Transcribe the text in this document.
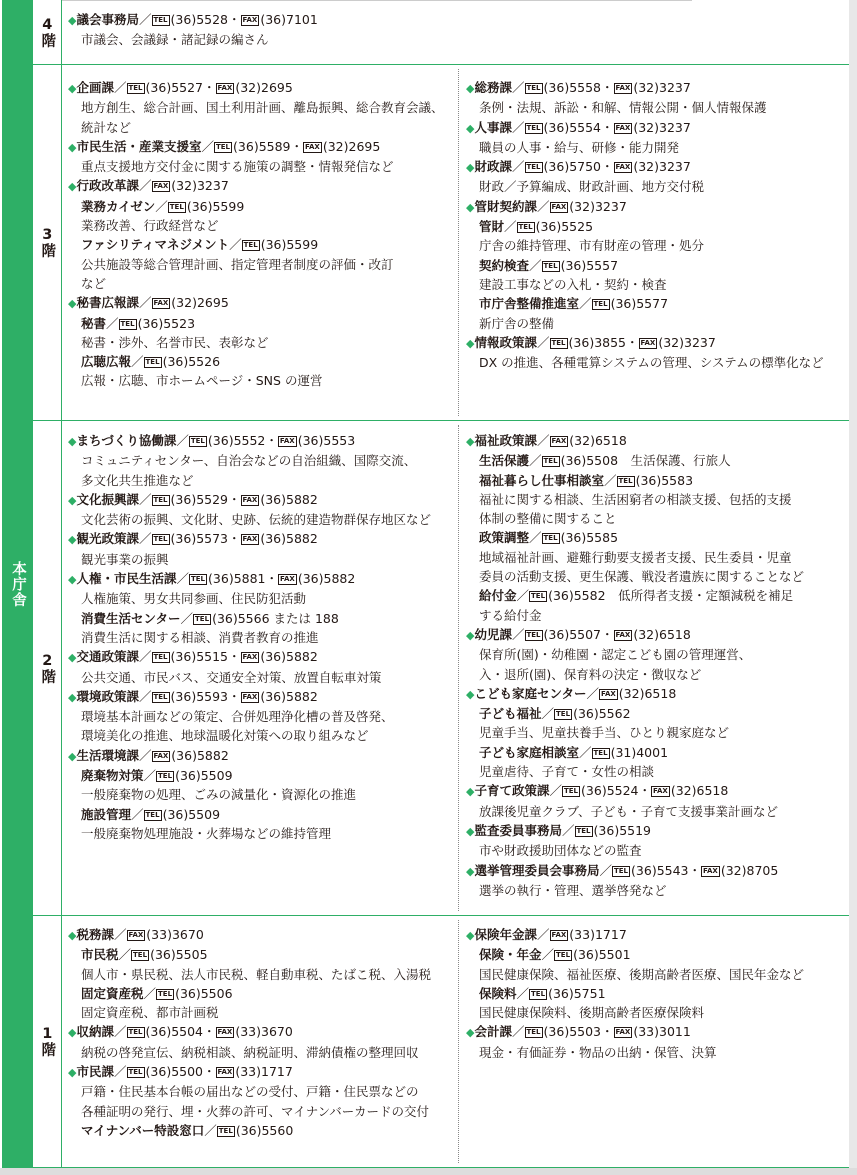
本庁舎
4階
3階
2階
1階
◆議会事務局／ TEL (36)5528・ FAX (36)7101
市議会、会議録・諸記録の編さん
◆企画課／ TEL (36)5527・ FAX (32)2695
地方創生、総合計画、国土利用計画、離島振興、総合教育会議、
統計など
◆市民生活・産業支援室／ TEL (36)5589・ FAX (32)2695
重点支援地方交付金に関する施策の調整・情報発信など
◆行政改革課／ FAX (32)3237
業務カイゼン／ TEL (36)5599
業務改善、行政経営など
ファシリティマネジメント／ TEL (36)5599
公共施設等総合管理計画、指定管理者制度の評価・改訂
など
◆秘書広報課／ FAX (32)2695
秘書／ TEL (36)5523
秘書・渉外、名誉市民、表彰など
広聴広報／ TEL (36)5526
広報・広聴、市ホームページ・SNS の運営
◆総務課／ TEL (36)5558・ FAX (32)3237
条例・法規、訴訟・和解、情報公開・個人情報保護
◆人事課／ TEL (36)5554・ FAX (32)3237
職員の人事・給与、研修・能力開発
◆財政課／ TEL (36)5750・ FAX (32)3237
財政／予算編成、財政計画、地方交付税
◆管財契約課／ FAX (32)3237
管財／ TEL (36)5525
庁舎の維持管理、市有財産の管理・処分
契約検査／ TEL (36)5557
建設工事などの入札・契約・検査
市庁舎整備推進室／ TEL (36)5577
新庁舎の整備
◆情報政策課／ TEL (36)3855・ FAX (32)3237
DX の推進、各種電算システムの管理、システムの標準化など
◆まちづくり協働課／ TEL (36)5552・ FAX (36)5553
コミュニティセンター、自治会などの自治組織、国際交流、
多文化共生推進など
◆文化振興課／ TEL (36)5529・ FAX (36)5882
文化芸術の振興、文化財、史跡、伝統的建造物群保存地区など
◆観光政策課／ TEL (36)5573・ FAX (36)5882
観光事業の振興
◆人権・市民生活課／ TEL (36)5881・ FAX (36)5882
人権施策、男女共同参画、住民防犯活動
消費生活センター／ TEL (36)5566 または 188
消費生活に関する相談、消費者教育の推進
◆交通政策課／ TEL (36)5515・ FAX (36)5882
公共交通、市民バス、交通安全対策、放置自転車対策
◆環境政策課／ TEL (36)5593・ FAX (36)5882
環境基本計画などの策定、合併処理浄化槽の普及啓発、
環境美化の推進、地球温暖化対策への取り組みなど
◆生活環境課／ FAX (36)5882
廃棄物対策／ TEL (36)5509
一般廃棄物の処理、ごみの減量化・資源化の推進
施設管理／ TEL (36)5509
一般廃棄物処理施設・火葬場などの維持管理
◆福祉政策課／ FAX (32)6518
生活保護／ TEL (36)5508　 生活保護、行旅人
福祉暮らし仕事相談室／ TEL (36)5583
福祉に関する相談、生活困窮者の相談支援、包括的支援
体制の整備に関すること
政策調整／ TEL (36)5585
地域福祉計画、避難行動要支援者支援、民生委員・児童
委員の活動支援、更生保護、戦没者遺族に関することなど
給付金／ TEL (36)5582　 低所得者支援・定額減税を補足
する給付金
◆幼児課／ TEL (36)5507・ FAX (32)6518
保育所(園)・幼稚園・認定こども園の管理運営、
入・退所(園)、保育料の決定・徴収など
◆こども家庭センター／ FAX (32)6518
子ども福祉／ TEL (36)5562
児童手当、児童扶養手当、ひとり親家庭など
子ども家庭相談室／ TEL (31)4001
児童虐待、子育て・女性の相談
◆子育て政策課／ TEL (36)5524・ FAX (32)6518
放課後児童クラブ、子ども・子育て支援事業計画など
◆監査委員事務局／ TEL (36)5519
市や財政援助団体などの監査
◆選挙管理委員会事務局／ TEL (36)5543・ FAX (32)8705
選挙の執行・管理、選挙啓発など
◆税務課／ FAX (33)3670
市民税／ TEL (36)5505
個人市・県民税、法人市民税、軽自動車税、たばこ税、入湯税
固定資産税／ TEL (36)5506
固定資産税、都市計画税
◆収納課／ TEL (36)5504・ FAX (33)3670
納税の啓発宣伝、納税相談、納税証明、滞納債権の整理回収
◆市民課／ TEL (36)5500・ FAX (33)1717
戸籍・住民基本台帳の届出などの受付、戸籍・住民票などの
各種証明の発行、埋・火葬の許可、マイナンバーカードの交付
マイナンバー特設窓口／ TEL (36)5560
◆保険年金課／ FAX (33)1717
保険・年金／ TEL (36)5501
国民健康保険、福祉医療、後期高齢者医療、国民年金など
保険料／ TEL (36)5751
国民健康保険料、後期高齢者医療保険料
◆会計課／ TEL (36)5503・ FAX (33)3011
現金・有価証券・物品の出納・保管、決算
